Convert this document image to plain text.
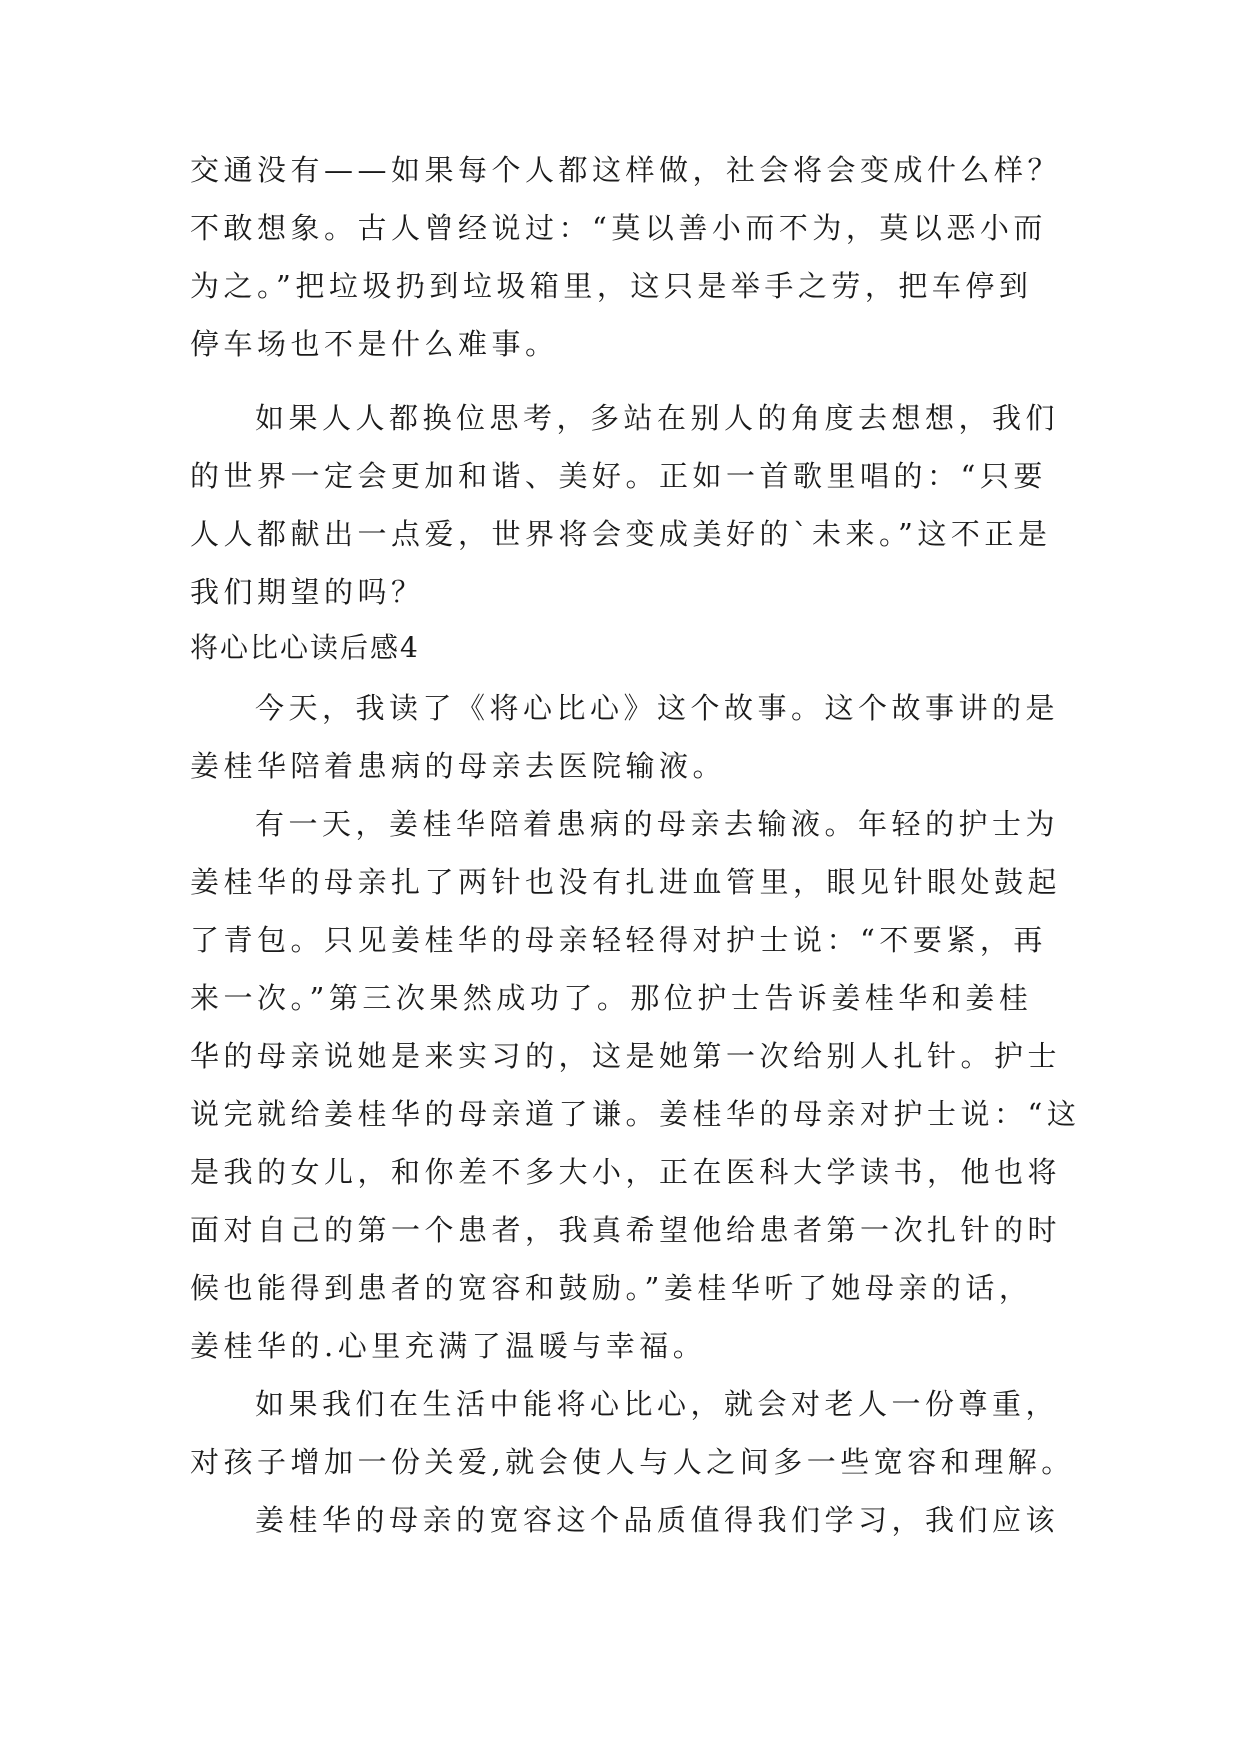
交通没有——如果每个人都这样做，社会将会变成什么样？
不敢想象。古人曾经说过：“莫以善小而不为，莫以恶小而
为之。”把垃圾扔到垃圾箱里，这只是举手之劳，把车停到
停车场也不是什么难事。
如果人人都换位思考，多站在别人的角度去想想，我们
的世界一定会更加和谐、美好。正如一首歌里唱的：“只要
人人都献出一点爱，世界将会变成美好的`未来。”这不正是
我们期望的吗？
将心比心读后感4
今天，我读了《将心比心》这个故事。这个故事讲的是
姜桂华陪着患病的母亲去医院输液。
有一天，姜桂华陪着患病的母亲去输液。年轻的护士为
姜桂华的母亲扎了两针也没有扎进血管里，眼见针眼处鼓起
了青包。只见姜桂华的母亲轻轻得对护士说：“不要紧，再
来一次。”第三次果然成功了。那位护士告诉姜桂华和姜桂
华的母亲说她是来实习的，这是她第一次给别人扎针。护士
说完就给姜桂华的母亲道了谦。姜桂华的母亲对护士说：“这
是我的女儿，和你差不多大小，正在医科大学读书，他也将
面对自己的第一个患者，我真希望他给患者第一次扎针的时
候也能得到患者的宽容和鼓励。”姜桂华听了她母亲的话，
姜桂华的.心里充满了温暖与幸福。
如果我们在生活中能将心比心，就会对老人一份尊重，
对孩子增加一份关爱,就会使人与人之间多一些宽容和理解。
姜桂华的母亲的宽容这个品质值得我们学习，我们应该
